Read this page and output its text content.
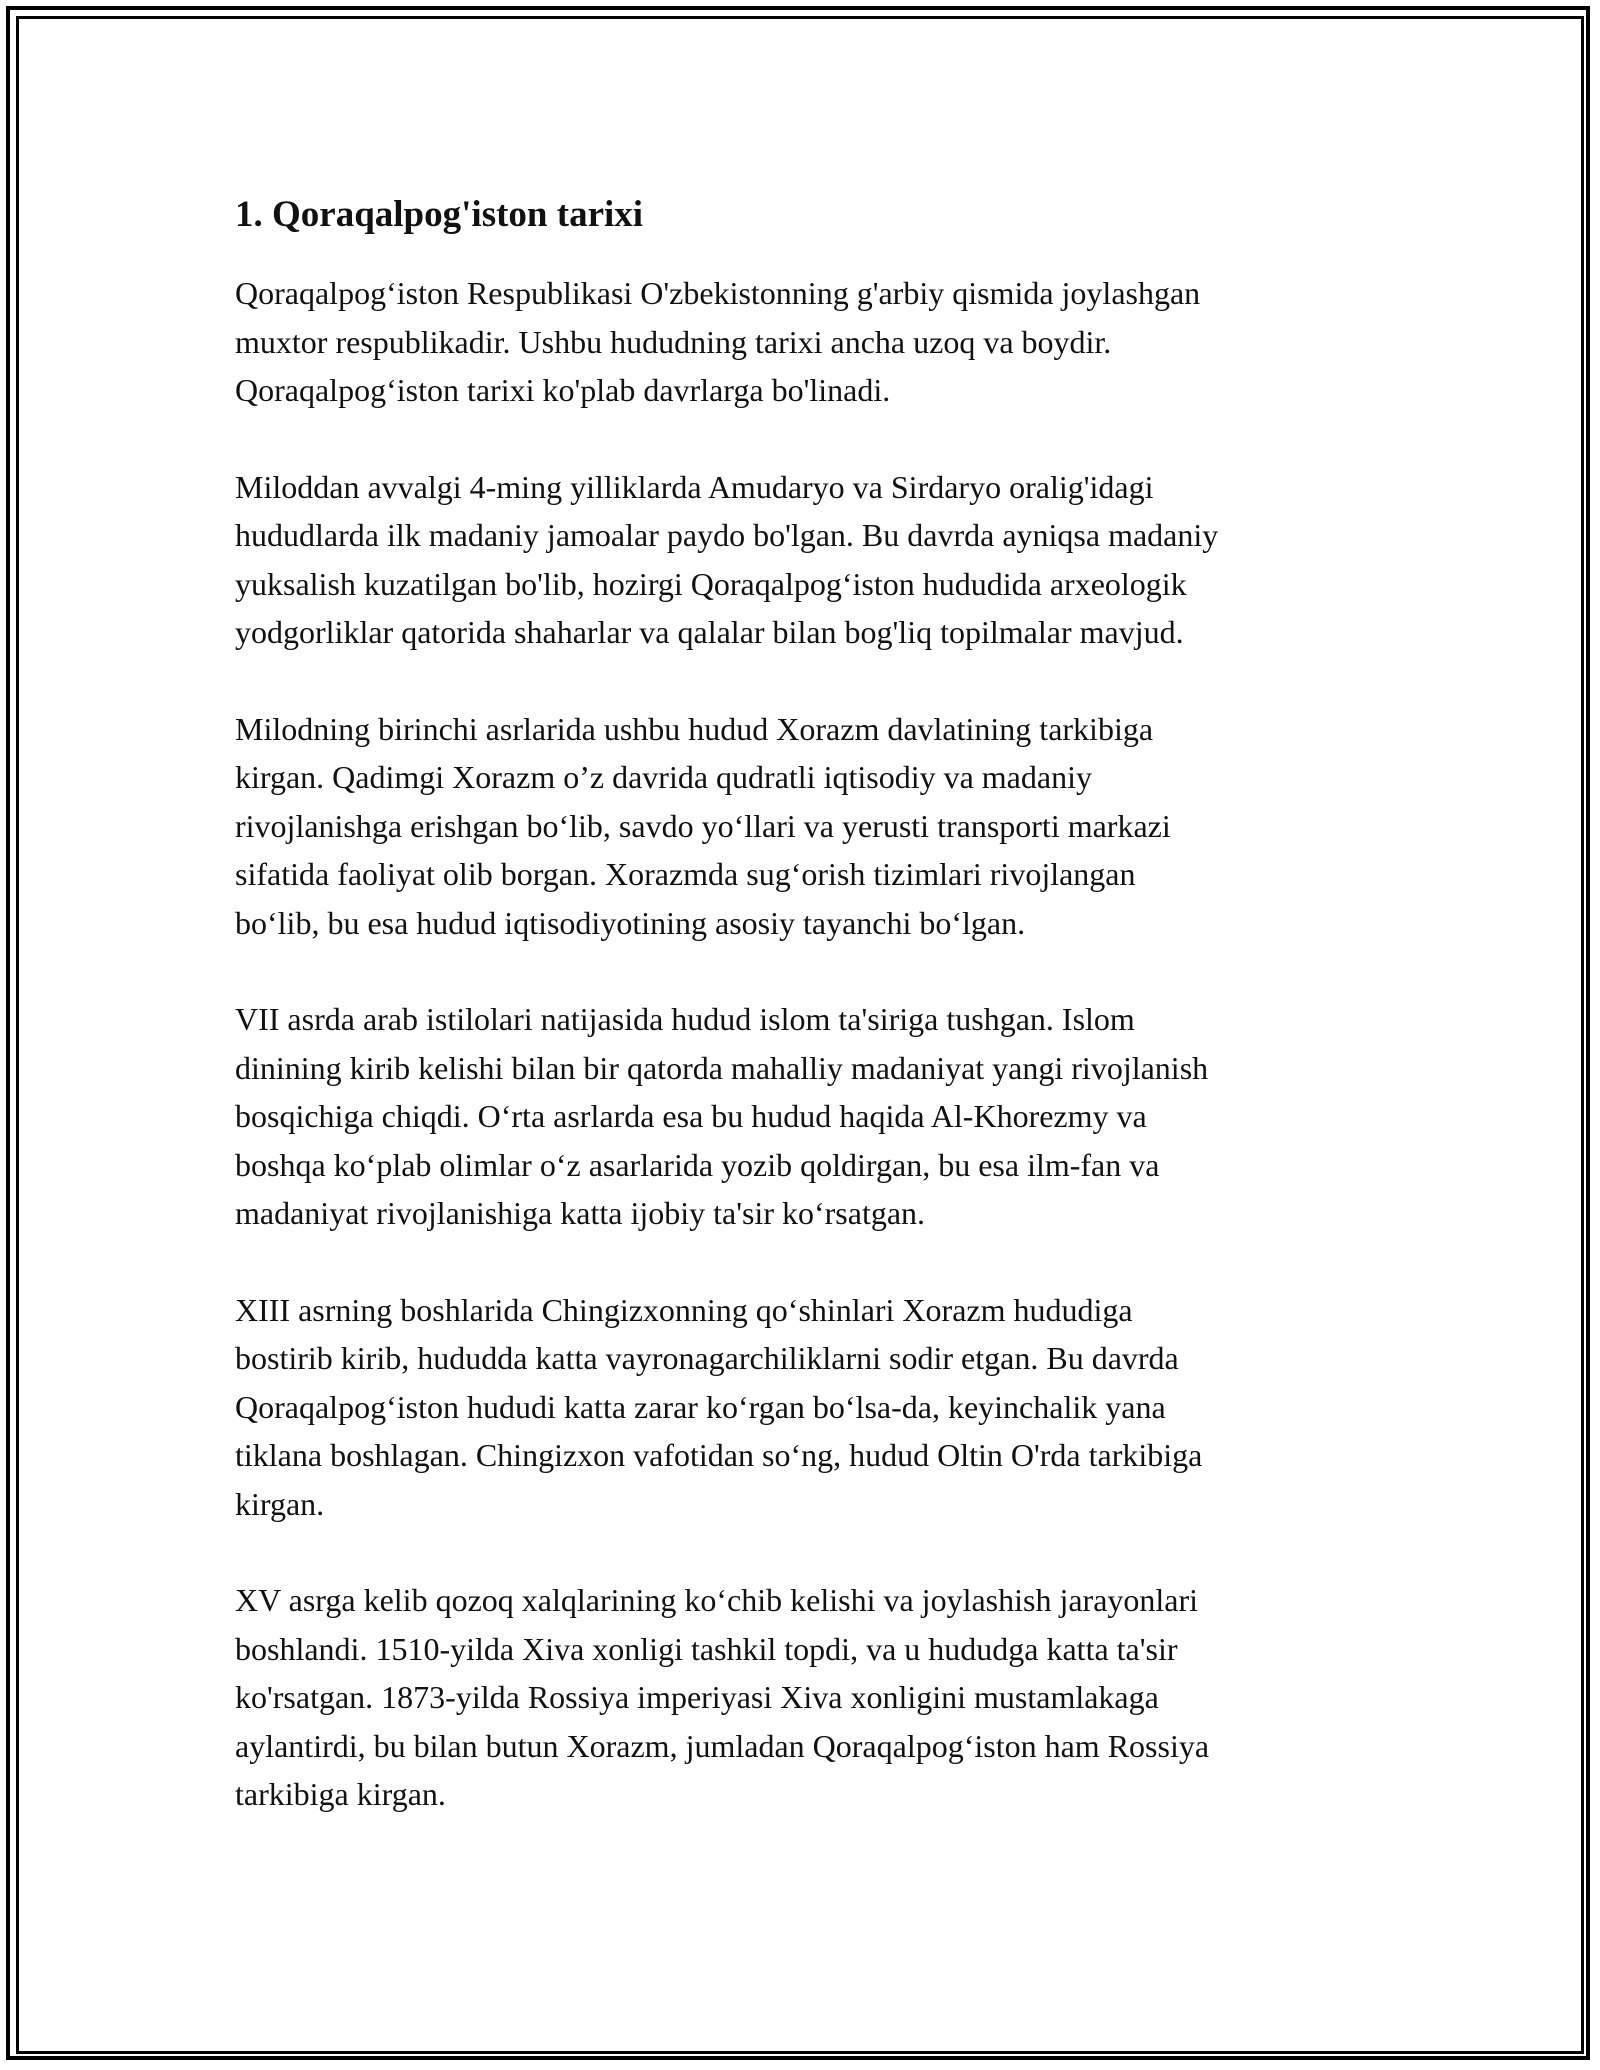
1. Qoraqalpog'iston tarixi

Qoraqalpog‘iston Respublikasi O'zbekistonning g'arbiy qismida joylashgan
muxtor respublikadir. Ushbu hududning tarixi ancha uzoq va boydir.
Qoraqalpog‘iston tarixi ko'plab davrlarga bo'linadi.

Miloddan avvalgi 4-ming yilliklarda Amudaryo va Sirdaryo oralig'idagi
hududlarda ilk madaniy jamoalar paydo bo'lgan. Bu davrda ayniqsa madaniy
yuksalish kuzatilgan bo'lib, hozirgi Qoraqalpog‘iston hududida arxeologik
yodgorliklar qatorida shaharlar va qalalar bilan bog'liq topilmalar mavjud.

Milodning birinchi asrlarida ushbu hudud Xorazm davlatining tarkibiga
kirgan. Qadimgi Xorazm o’z davrida qudratli iqtisodiy va madaniy
rivojlanishga erishgan bo‘lib, savdo yo‘llari va yerusti transporti markazi
sifatida faoliyat olib borgan. Xorazmda sug‘orish tizimlari rivojlangan
bo‘lib, bu esa hudud iqtisodiyotining asosiy tayanchi bo‘lgan.

VII asrda arab istilolari natijasida hudud islom ta'siriga tushgan. Islom
dinining kirib kelishi bilan bir qatorda mahalliy madaniyat yangi rivojlanish
bosqichiga chiqdi. O‘rta asrlarda esa bu hudud haqida Al-Khorezmy va
boshqa ko‘plab olimlar o‘z asarlarida yozib qoldirgan, bu esa ilm-fan va
madaniyat rivojlanishiga katta ijobiy ta'sir ko‘rsatgan.

XIII asrning boshlarida Chingizxonning qo‘shinlari Xorazm hududiga
bostirib kirib, hududda katta vayronagarchiliklarni sodir etgan. Bu davrda
Qoraqalpog‘iston hududi katta zarar ko‘rgan bo‘lsa-da, keyinchalik yana
tiklana boshlagan. Chingizxon vafotidan so‘ng, hudud Oltin O'rda tarkibiga
kirgan.

XV asrga kelib qozoq xalqlarining ko‘chib kelishi va joylashish jarayonlari
boshlandi. 1510-yilda Xiva xonligi tashkil topdi, va u hududga katta ta'sir
ko'rsatgan. 1873-yilda Rossiya imperiyasi Xiva xonligini mustamlakaga
aylantirdi, bu bilan butun Xorazm, jumladan Qoraqalpog‘iston ham Rossiya
tarkibiga kirgan.
